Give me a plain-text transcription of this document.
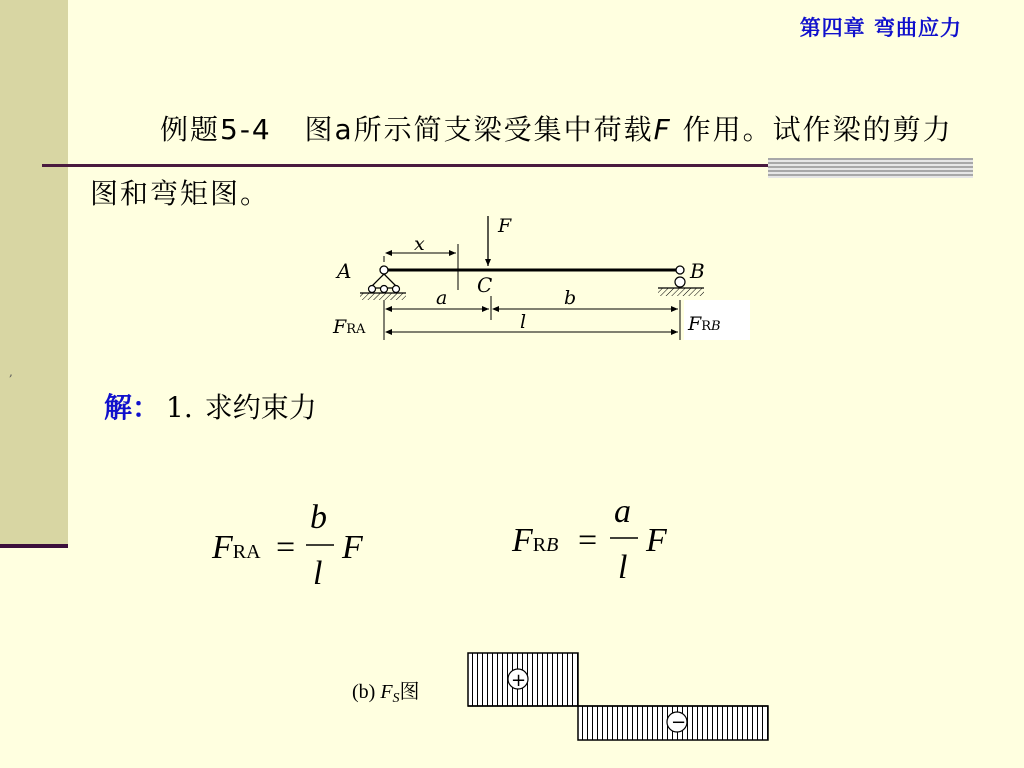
,
第四章 弯曲应力
例题5-4 图a所示简支梁受集中荷载F 作用。试作梁的剪力图和弯矩图。
F
A	B
C
x
a	b
l
FRA	FRB
FRA =
b
l
F	FRB =
a
l
F
+
−
(b) $F_S$图
解： 1. 求约束力
